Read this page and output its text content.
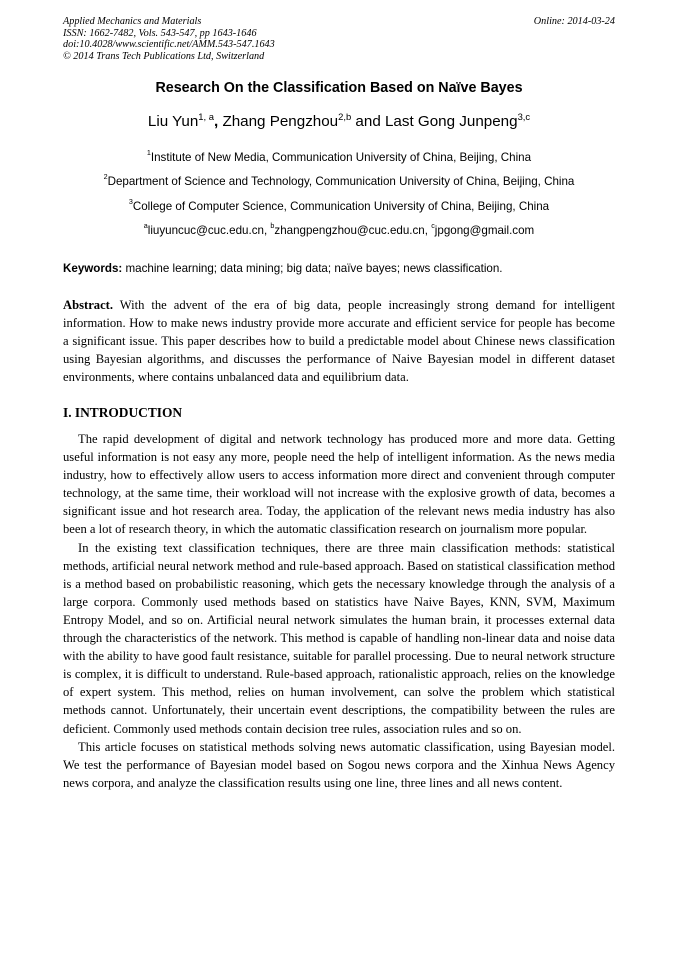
Applied Mechanics and Materials
ISSN: 1662-7482, Vols. 543-547, pp 1643-1646
doi:10.4028/www.scientific.net/AMM.543-547.1643
© 2014 Trans Tech Publications Ltd, Switzerland
Online: 2014-03-24
Research On the Classification Based on Naïve Bayes
Liu Yun$^{1, a}$, Zhang Pengzhou$^{2,b}$ and Last Gong Junpeng$^{3,c}$
$^1$Institute of New Media, Communication University of China, Beijing, China
$^2$Department of Science and Technology, Communication University of China, Beijing, China
$^3$College of Computer Science, Communication University of China, Beijing, China
$^a$liuyuncuc@cuc.edu.cn, $^b$zhangpengzhou@cuc.edu.cn, $^c$jpgong@gmail.com
Keywords: machine learning; data mining; big data; naïve bayes; news classification.
Abstract. With the advent of the era of big data, people increasingly strong demand for intelligent information. How to make news industry provide more accurate and efficient service for people has become a significant issue. This paper describes how to build a predictable model about Chinese news classification using Bayesian algorithms, and discusses the performance of Naive Bayesian model in different dataset environments, where contains unbalanced data and equilibrium data.
I. INTRODUCTION

The rapid development of digital and network technology has produced more and more data. Getting useful information is not easy any more, people need the help of intelligent information. As the news media industry, how to effectively allow users to access information more direct and convenient through computer technology, at the same time, their workload will not increase with the explosive growth of data, becomes a significant issue and hot research area. Today, the application of the relevant news media industry has also been a lot of research theory, in which the automatic classification research on journalism more popular.

In the existing text classification techniques, there are three main classification methods: statistical methods, artificial neural network method and rule-based approach. Based on statistical classification method is a method based on probabilistic reasoning, which gets the necessary knowledge through the analysis of a large corpora. Commonly used methods based on statistics have Naive Bayes, KNN, SVM, Maximum Entropy Model, and so on. Artificial neural network simulates the human brain, it processes external data through the characteristics of the network. This method is capable of handling non-linear data and noise data with the ability to have good fault resistance, suitable for parallel processing. Due to neural network structure is complex, it is difficult to understand. Rule-based approach, rationalistic approach, relies on the knowledge of expert system. This method, relies on human involvement, can solve the problem which statistical methods cannot. Unfortunately, their uncertain event descriptions, the compatibility between the rules are deficient. Commonly used methods contain decision tree rules, association rules and so on.

This article focuses on statistical methods solving news automatic classification, using Bayesian model. We test the performance of Bayesian model based on Sogou news corpora and the Xinhua News Agency news corpora, and analyze the classification results using one line, three lines and all news content.
